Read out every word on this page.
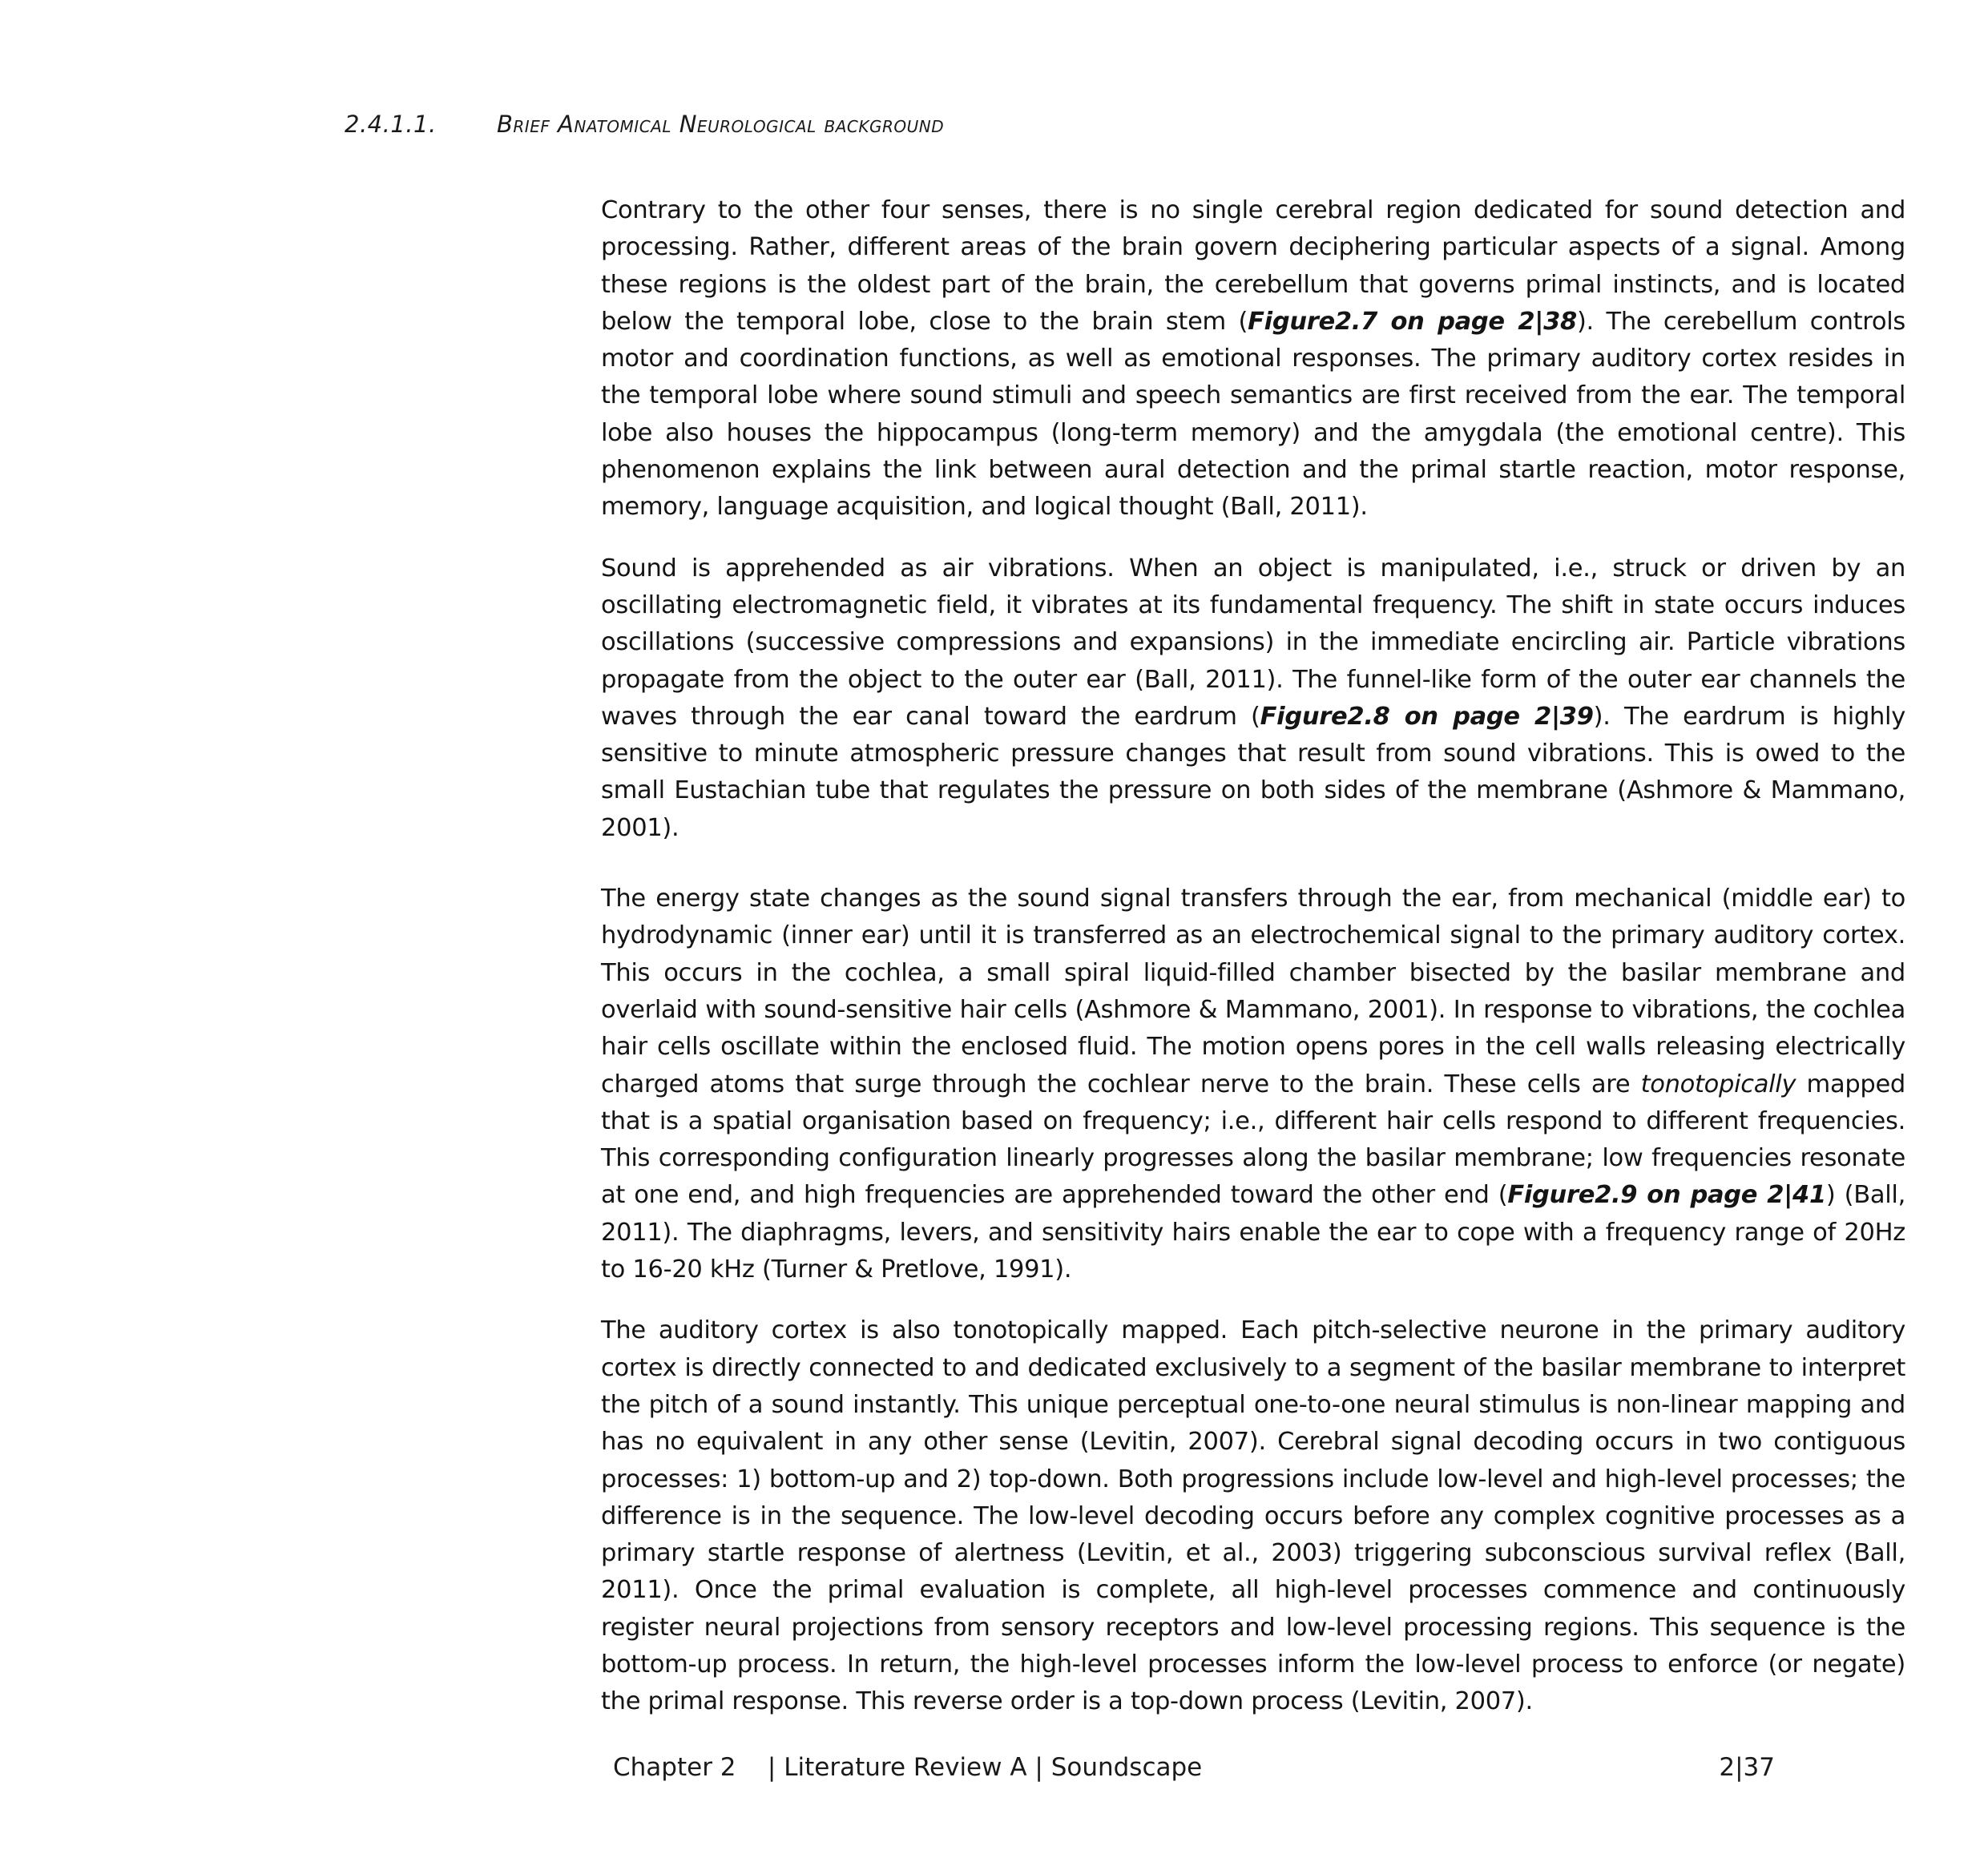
2.4.1.1.	Brief Anatomical Neurological background

Contrary to the other four senses, there is no single cerebral region dedicated for sound detection and processing. Rather, different areas of the brain govern deciphering particular aspects of a signal. Among these regions is the oldest part of the brain, the cerebellum that governs primal instincts, and is located below the temporal lobe, close to the brain stem (Figure2.7 on page 2|38). The cerebellum controls motor and coordination functions, as well as emotional responses. The primary auditory cortex resides in the temporal lobe where sound stimuli and speech semantics are first received from the ear. The temporal lobe also houses the hippocampus (long-term memory) and the amygdala (the emotional centre). This phenomenon explains the link between aural detection and the primal startle reaction, motor response, memory, language acquisition, and logical thought (Ball, 2011).

Sound is apprehended as air vibrations. When an object is manipulated, i.e., struck or driven by an oscillating electromagnetic field, it vibrates at its fundamental frequency. The shift in state occurs induces oscillations (successive compressions and expansions) in the immediate encircling air. Particle vibrations propagate from the object to the outer ear (Ball, 2011). The funnel-like form of the outer ear channels the waves through the ear canal toward the eardrum (Figure2.8 on page 2|39). The eardrum is highly sensitive to minute atmospheric pressure changes that result from sound vibrations. This is owed to the small Eustachian tube that regulates the pressure on both sides of the membrane (Ashmore & Mammano, 2001).

The energy state changes as the sound signal transfers through the ear, from mechanical (middle ear) to hydrodynamic (inner ear) until it is transferred as an electrochemical signal to the primary auditory cortex. This occurs in the cochlea, a small spiral liquid-filled chamber bisected by the basilar membrane and overlaid with sound-sensitive hair cells (Ashmore & Mammano, 2001). In response to vibrations, the cochlea hair cells oscillate within the enclosed fluid. The motion opens pores in the cell walls releasing electrically charged atoms that surge through the cochlear nerve to the brain. These cells are tonotopically mapped that is a spatial organisation based on frequency; i.e., different hair cells respond to different frequencies. This corresponding configuration linearly progresses along the basilar membrane; low frequencies resonate at one end, and high frequencies are apprehended toward the other end (Figure2.9 on page 2|41) (Ball, 2011). The diaphragms, levers, and sensitivity hairs enable the ear to cope with a frequency range of 20Hz to 16-20 kHz (Turner & Pretlove, 1991).

The auditory cortex is also tonotopically mapped. Each pitch-selective neurone in the primary auditory cortex is directly connected to and dedicated exclusively to a segment of the basilar membrane to interpret the pitch of a sound instantly. This unique perceptual one-to-one neural stimulus is non-linear mapping and has no equivalent in any other sense (Levitin, 2007). Cerebral signal decoding occurs in two contiguous processes: 1) bottom-up and 2) top-down. Both progressions include low-level and high-level processes; the difference is in the sequence. The low-level decoding occurs before any complex cognitive processes as a primary startle response of alertness (Levitin, et al., 2003) triggering subconscious survival reflex (Ball, 2011). Once the primal evaluation is complete, all high-level processes commence and continuously register neural projections from sensory receptors and low-level processing regions. This sequence is the bottom-up process. In return, the high-level processes inform the low-level process to enforce (or negate) the primal response. This reverse order is a top-down process (Levitin, 2007).

Chapter 2    | Literature Review A | Soundscape	2|37
